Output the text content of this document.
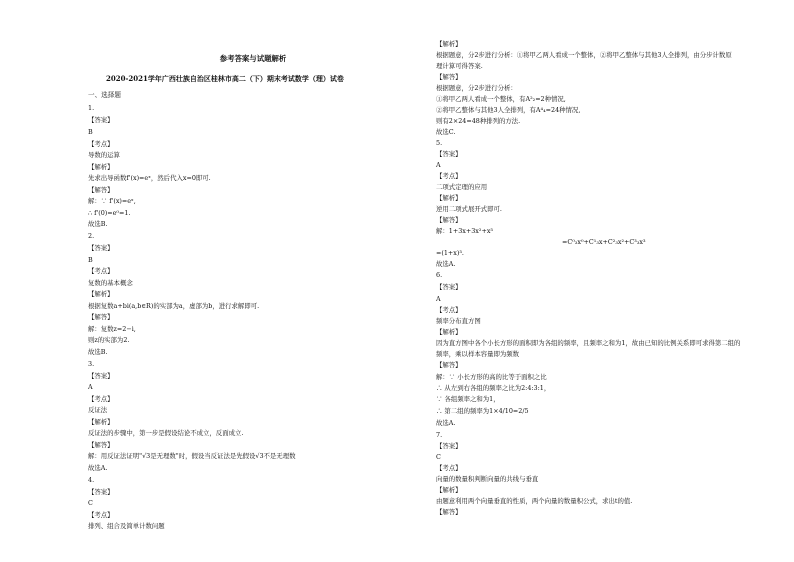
参考答案与试题解析
2020-2021学年广西壮族自治区桂林市高二（下）期末考试数学（理）试卷
一、选择题
1.
【答案】
B
【考点】
导数的运算
【解析】
先求出导函数f'(x)=eˣ，然后代入x=0即可.
【解答】
解：∵ f'(x)=eˣ,
∴ f'(0)=e⁰=1.
故选B.
2.
【答案】
B
【考点】
复数的基本概念
【解析】
根据复数a+bi(a,b∈R)的实部为a，虚部为b，进行求解即可.
【解答】
解：复数z=2−i,
则z的实部为2.
故选B.
3.
【答案】
A
【考点】
反证法
【解析】
反证法的步骤中，第一步是假设结论不成立，反面成立.
【解答】
解：用反证法证明"√3是无理数"时，假设当反证法是先假设√3不是无理数
故选A.
4.
【答案】
C
【考点】
排列、组合及简单计数问题
【解析】
根据题意，分2步进行分析：①将甲乙两人看成一个整体，②将甲乙整体与其他3人全排列，由分步计数原
理计算可得答案.
【解答】
根据题意，分2步进行分析：
①将甲乙两人看成一个整体，有A²₂=2种情况,
②将甲乙整体与其他3人全排列，有A⁴₄=24种情况,
则有2×24=48种排列的方法.
故选C.
5.
【答案】
A
【考点】
二项式定理的应用
【解析】
逆用二项式展开式即可.
【解答】
解：1+3x+3x²+x³
=C⁰₃x⁰+C¹₃x+C²₃x²+C³₃x³
=(1+x)³.
故选A.
6.
【答案】
A
【考点】
频率分布直方图
【解析】
因为直方图中各个小长方形的面积即为各组的频率，且频率之和为1，故由已知的比例关系即可求得第二组的
频率，乘以样本容量即为频数
【解答】
解：∵ 小长方形的高的比等于面积之比
∴ 从左到右各组的频率之比为2:4:3:1，
∵ 各组频率之和为1，
∴ 第二组的频率为1×4/10=2/5
故选A.
7.
【答案】
C
【考点】
向量的数量积判断向量的共线与垂直
【解析】
由题意利用两个向量垂直的性质，两个向量的数量积公式，求出t的值.
【解答】
